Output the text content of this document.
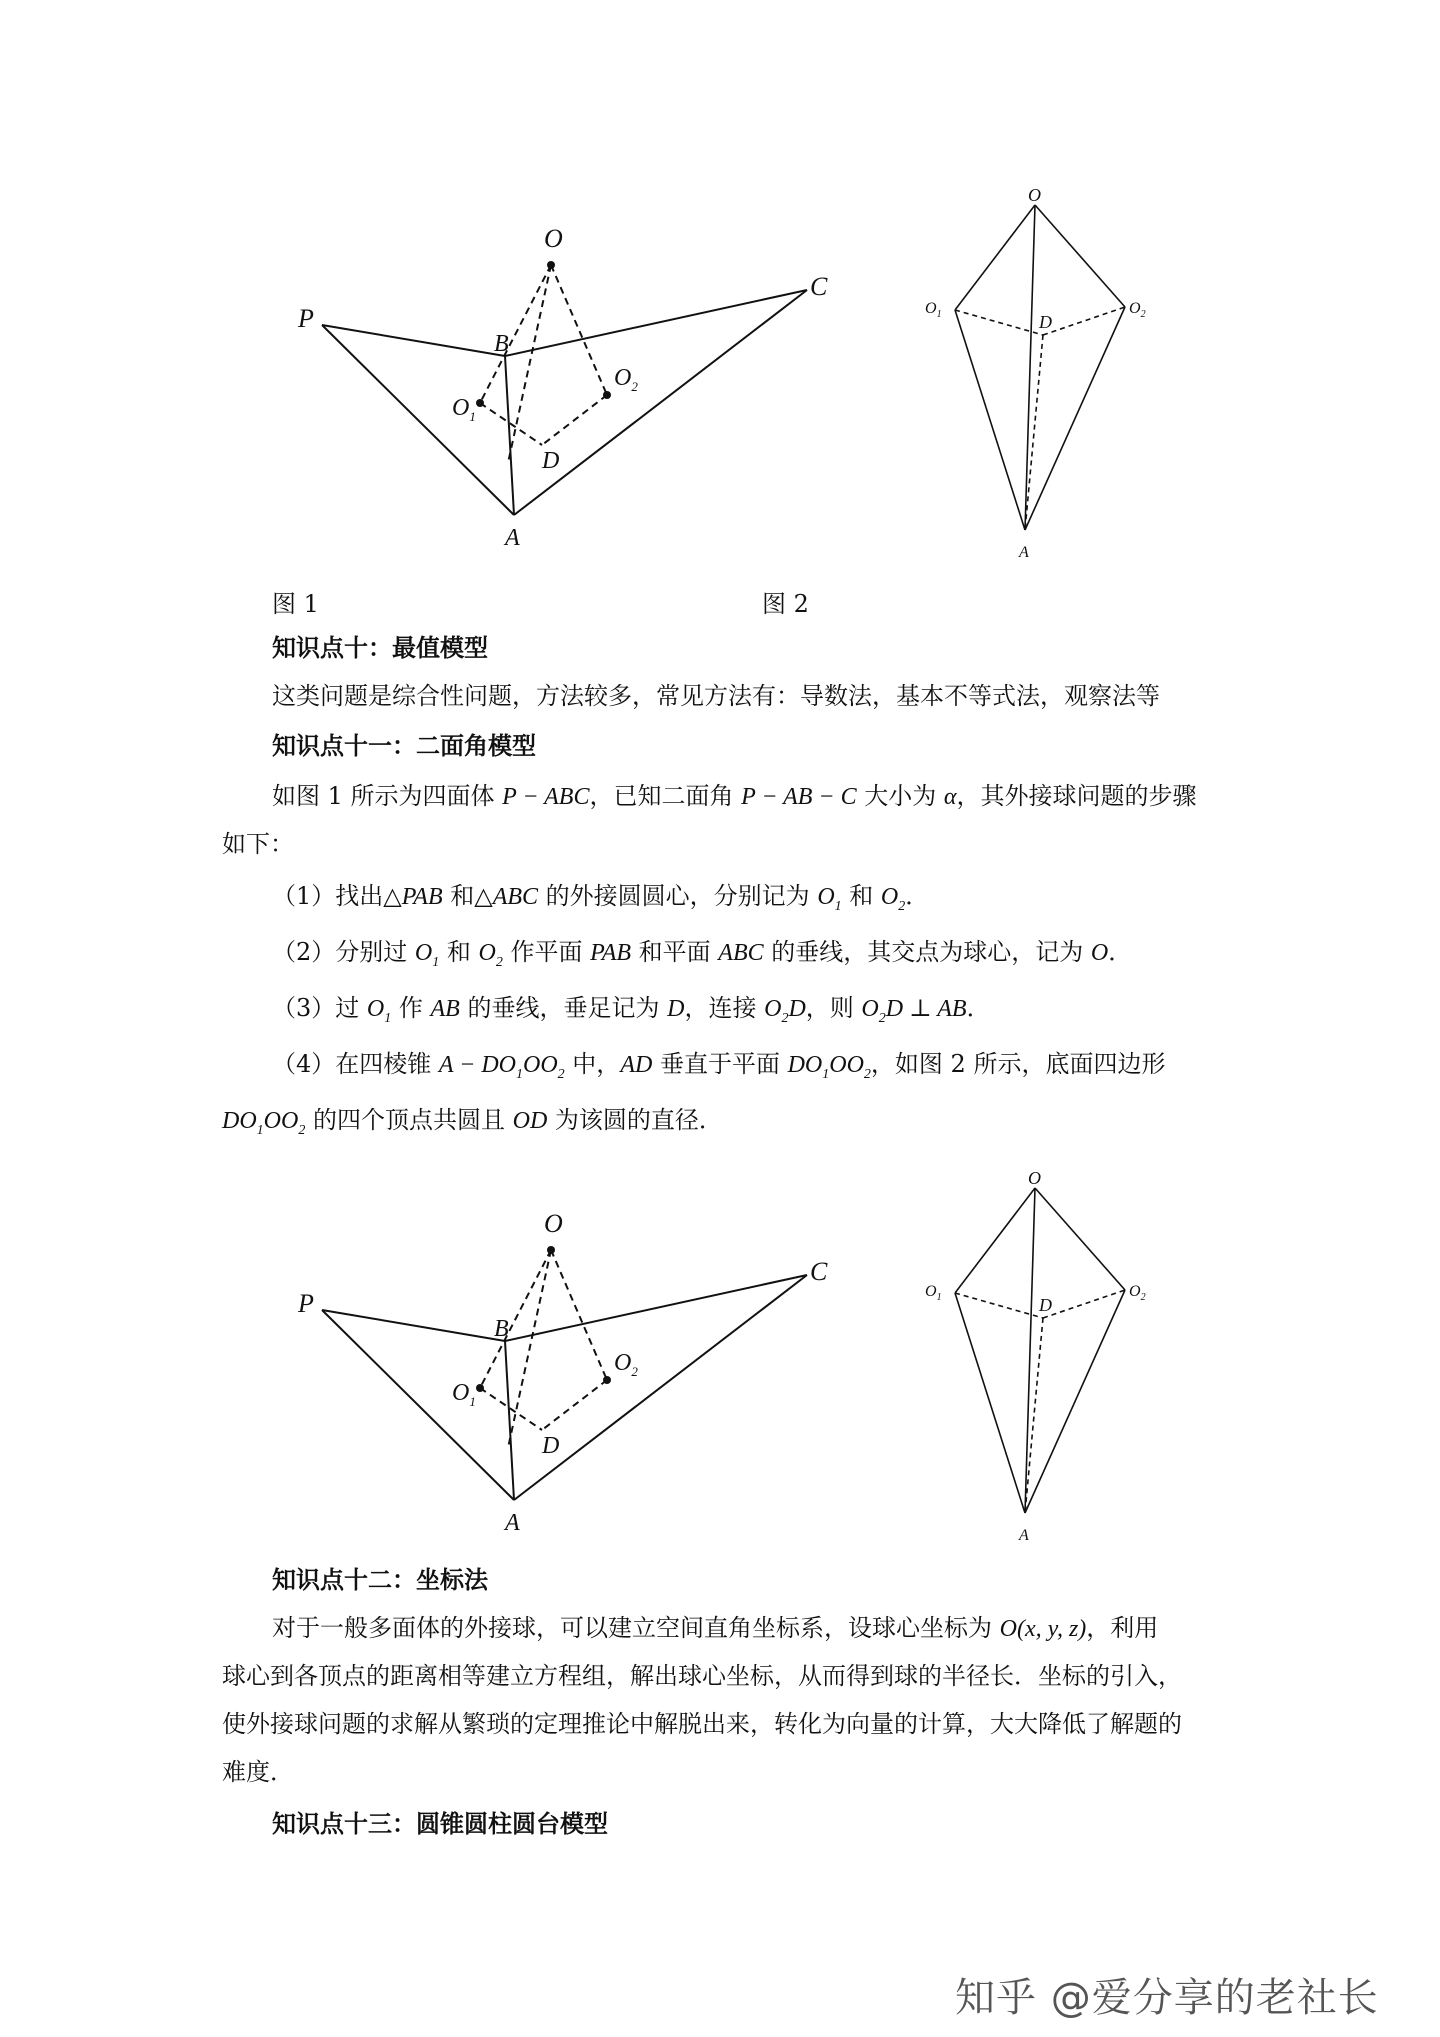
O
P
C
B
$O_1$
$O_2$
D
A
O
$O_1$	$O_2$
D
A
图 1	图 2
知识点十：最值模型
这类问题是综合性问题，方法较多，常见方法有：导数法，基本不等式法，观察法等
知识点十一：二面角模型
如图 1 所示为四面体 P − ABC，已知二面角 P − AB − C 大小为 α，其外接球问题的步骤
如下：
（1）找出△PAB 和△ABC 的外接圆圆心，分别记为 $O_1$ 和 $O_2$．
（2）分别过 $O_1$ 和 $O_2$ 作平面 PAB 和平面 ABC 的垂线，其交点为球心，记为 O．
（3）过 $O_1$ 作 AB 的垂线，垂足记为 D，连接 $O_2D$，则 $O_2D$ ⊥ AB．
（4）在四棱锥 $A - DO_1OO_2$ 中，AD 垂直于平面 $DO_1OO_2$，如图 2 所示，底面四边形
$DO_1OO_2$ 的四个顶点共圆且 OD 为该圆的直径．
O
P
C
B
$O_1$
$O_2$
D
A
O
$O_1$	$O_2$
D
A
知识点十二：坐标法
对于一般多面体的外接球，可以建立空间直角坐标系，设球心坐标为 O(x, y, z)，利用
球心到各顶点的距离相等建立方程组，解出球心坐标，从而得到球的半径长．坐标的引入，
使外接球问题的求解从繁琐的定理推论中解脱出来，转化为向量的计算，大大降低了解题的
难度．
知识点十三：圆锥圆柱圆台模型
知乎 @爱分享的老社长
